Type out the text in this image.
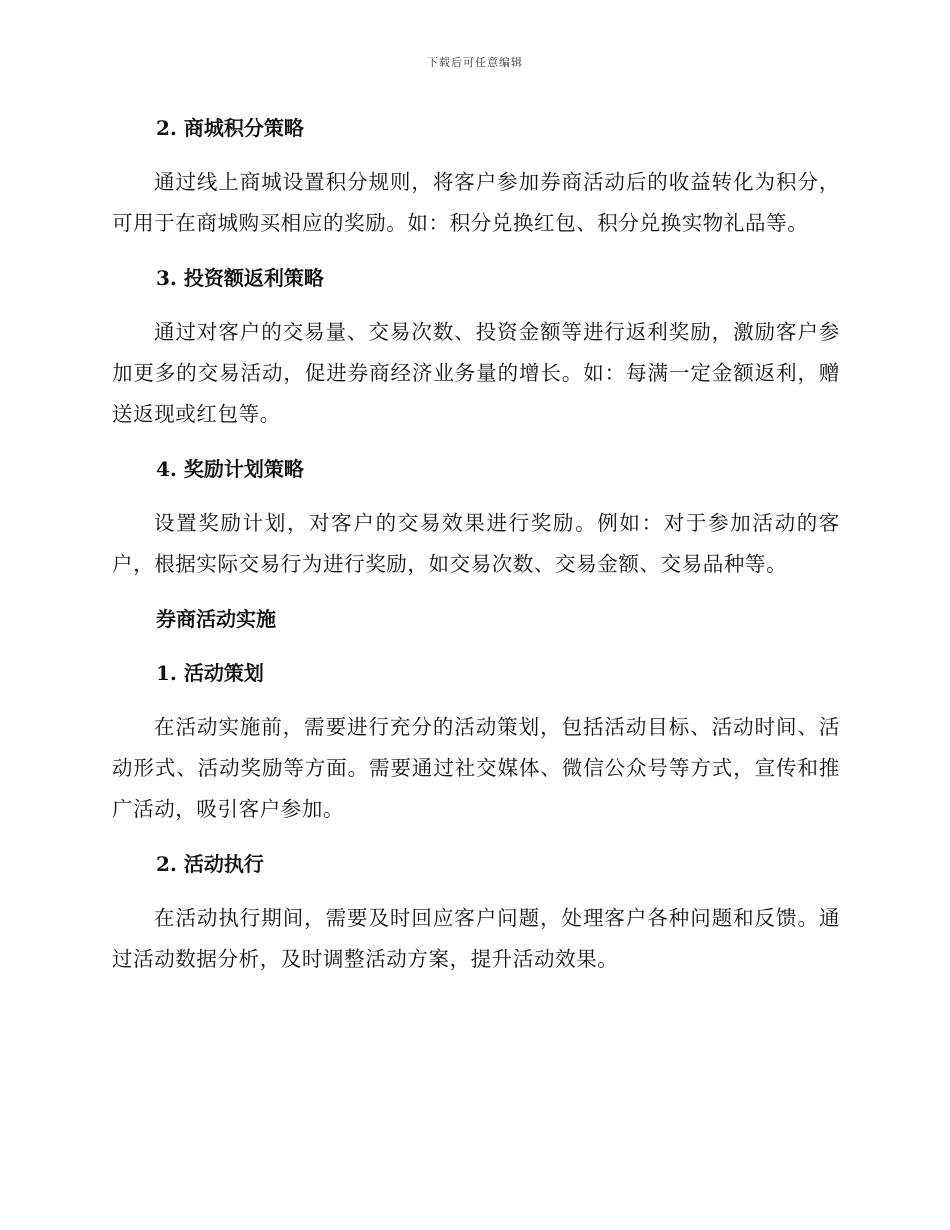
下载后可任意编辑
2. 商城积分策略

通过线上商城设置积分规则，将客户参加券商活动后的收益转化为积分，可用于在商城购买相应的奖励。如：积分兑换红包、积分兑换实物礼品等。

3. 投资额返利策略

通过对客户的交易量、交易次数、投资金额等进行返利奖励，激励客户参加更多的交易活动，促进券商经济业务量的增长。如：每满一定金额返利，赠送返现或红包等。

4. 奖励计划策略

设置奖励计划，对客户的交易效果进行奖励。例如：对于参加活动的客户，根据实际交易行为进行奖励，如交易次数、交易金额、交易品种等。

券商活动实施
1. 活动策划

在活动实施前，需要进行充分的活动策划，包括活动目标、活动时间、活动形式、活动奖励等方面。需要通过社交媒体、微信公众号等方式，宣传和推广活动，吸引客户参加。

2. 活动执行

在活动执行期间，需要及时回应客户问题，处理客户各种问题和反馈。通过活动数据分析，及时调整活动方案，提升活动效果。
